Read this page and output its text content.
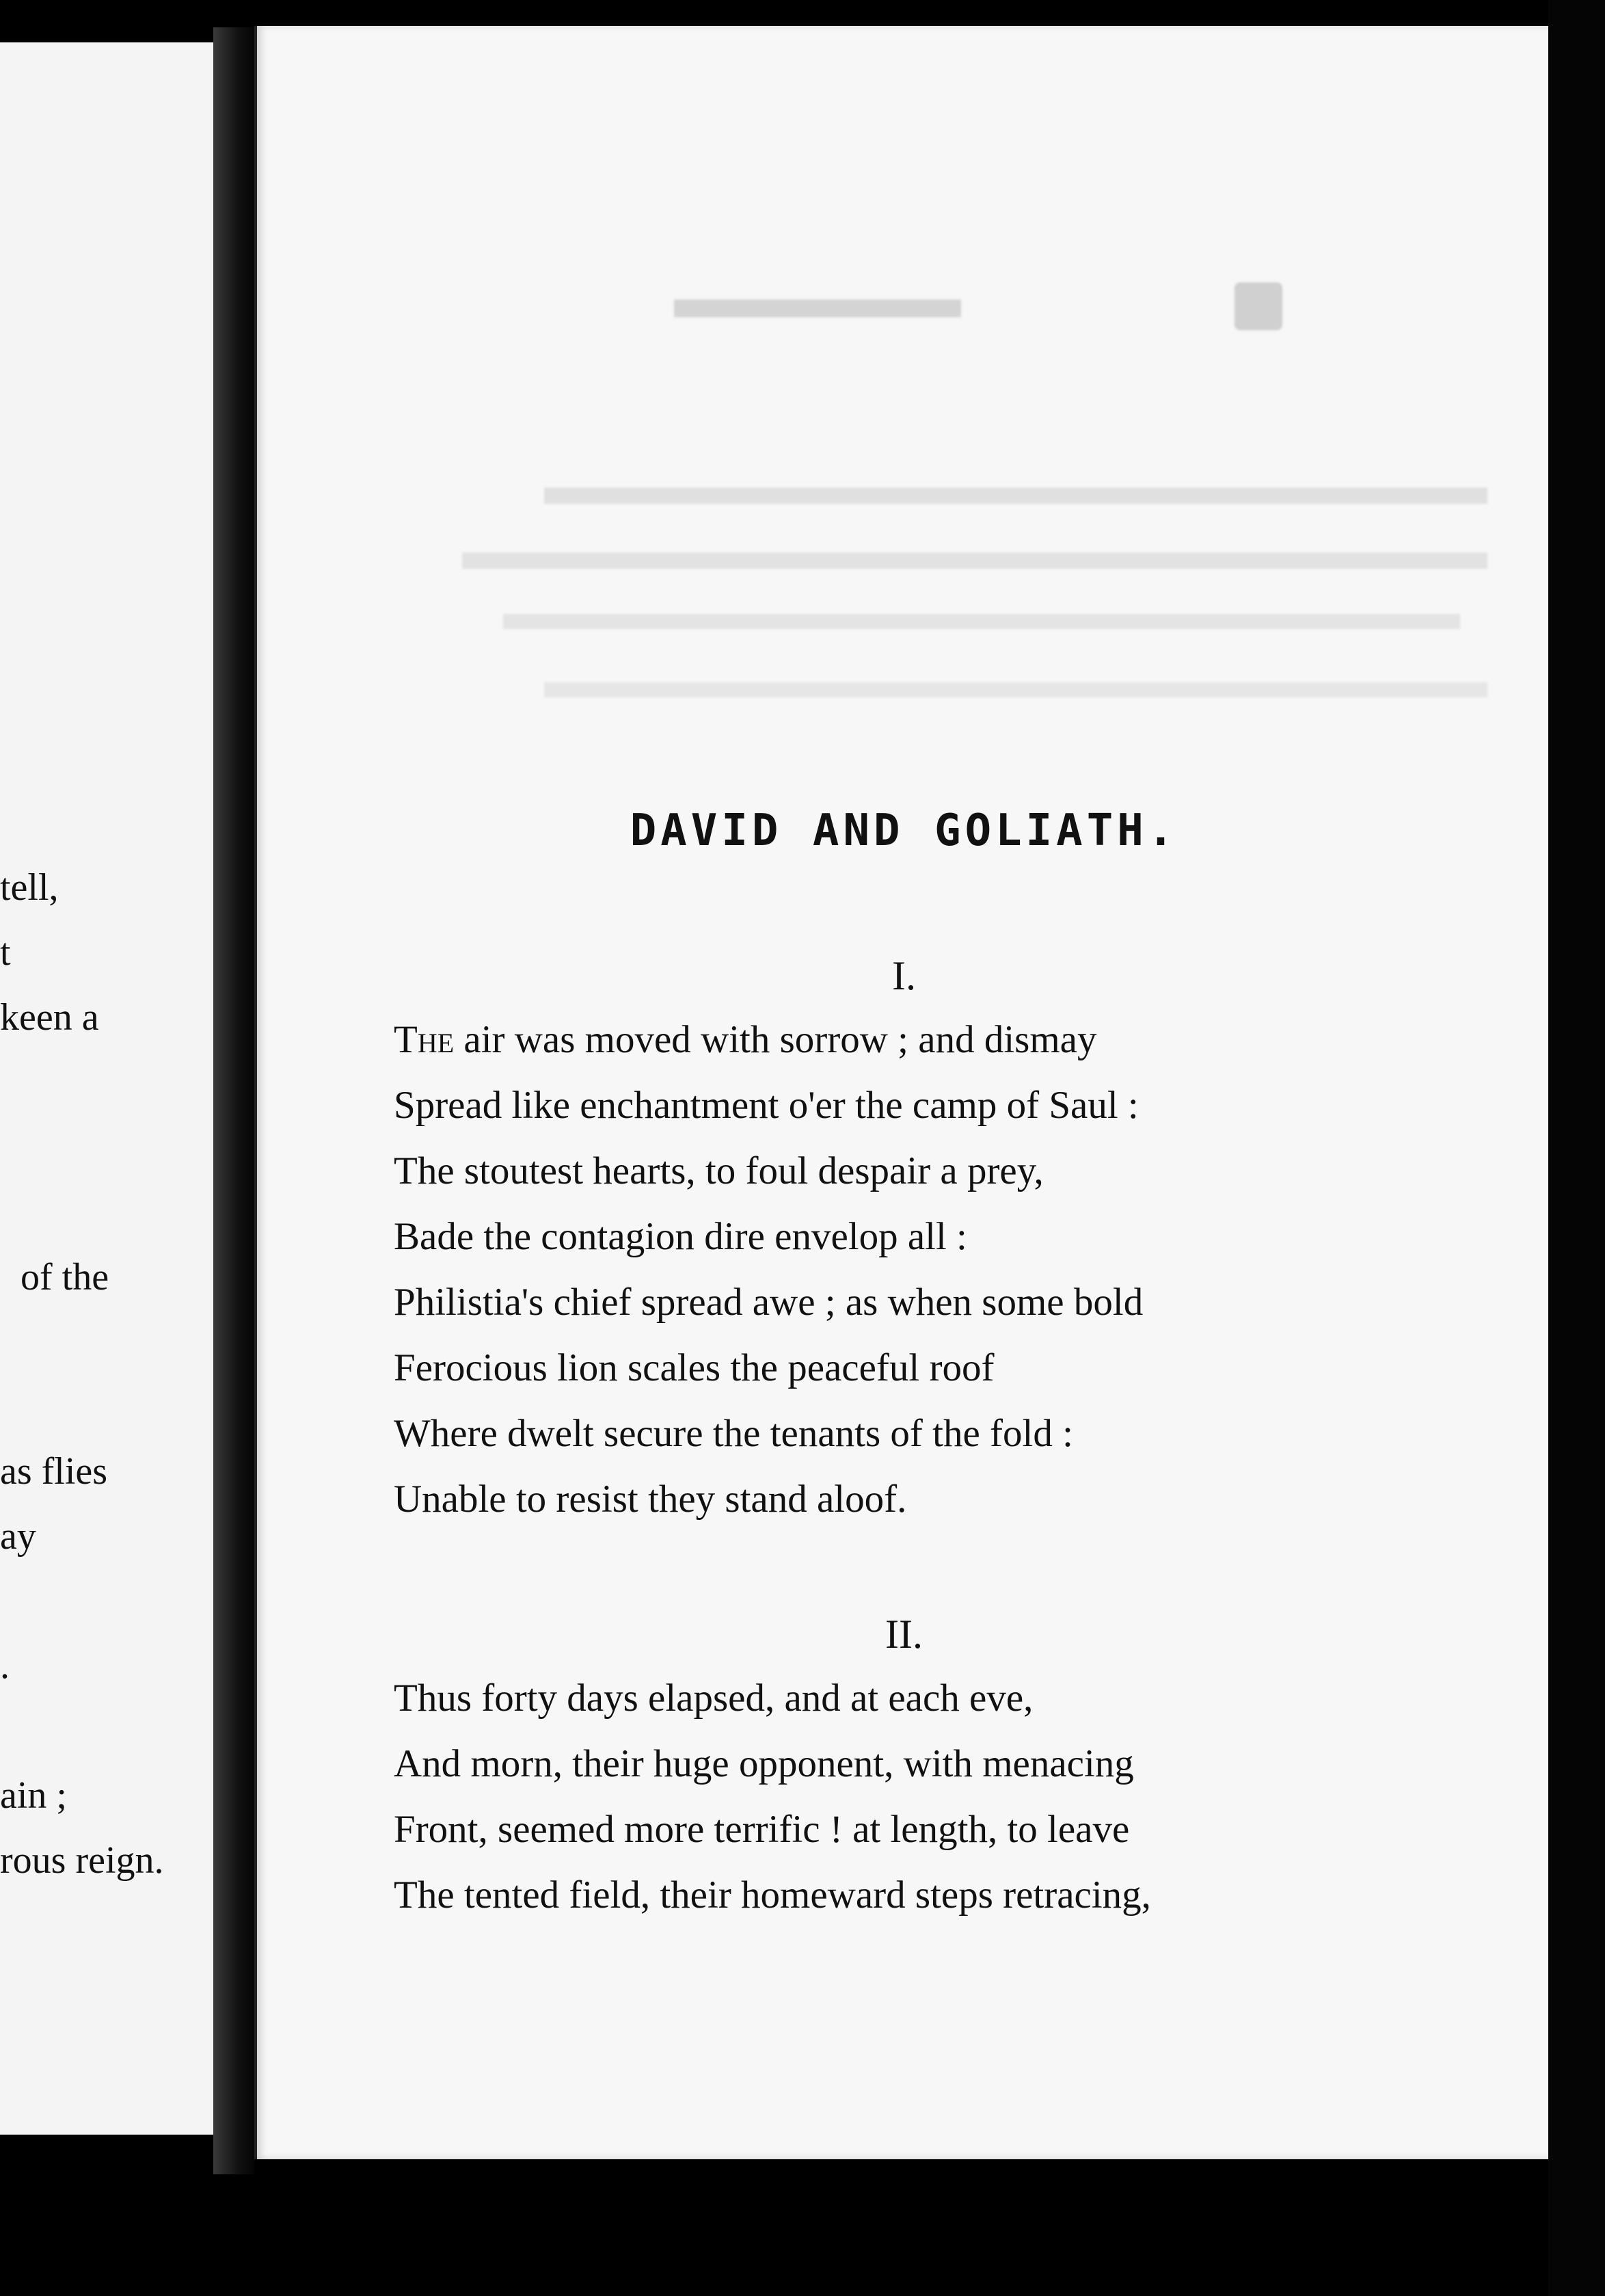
tell,
t
keen a
of the
as flies
ay
.
ain ;
rous reign.
DAVID AND GOLIATH.
I.
The air was moved with sorrow ; and dismay
Spread like enchantment o'er the camp of Saul :
The stoutest hearts, to foul despair a prey,
Bade the contagion dire envelop all :
Philistia's chief spread awe ; as when some bold
Ferocious lion scales the peaceful roof
Where dwelt secure the tenants of the fold :
Unable to resist they stand aloof.
II.
Thus forty days elapsed, and at each eve,
And morn, their huge opponent, with menacing
Front, seemed more terrific ! at length, to leave
The tented field, their homeward steps retracing,
